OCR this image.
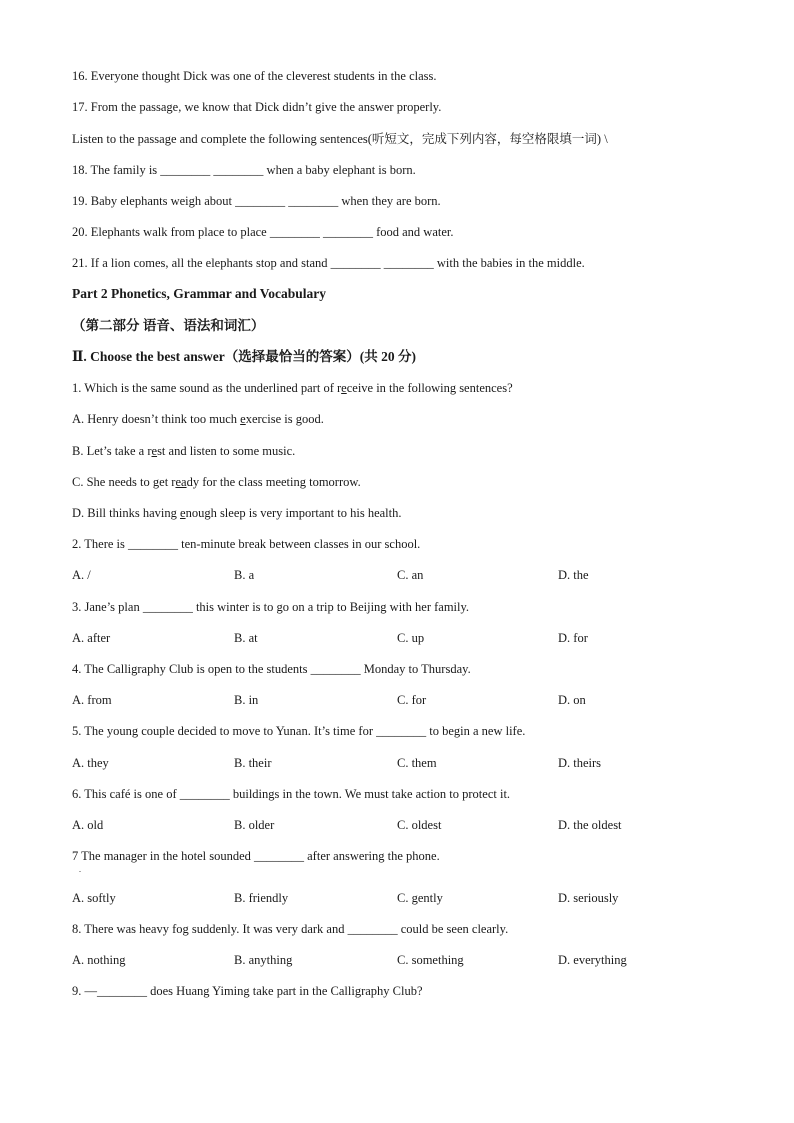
16. Everyone thought Dick was one of the cleverest students in the class.
17. From the passage, we know that Dick didn’t give the answer properly.
Listen to the passage and complete the following sentences(听短文，完成下列内容，每空格限填一词) \
18. The family is ________ ________ when a baby elephant is born.
19. Baby elephants weigh about ________ ________ when they are born.
20. Elephants walk from place to place ________ ________ food and water.
21. If a lion comes, all the elephants stop and stand ________ ________ with the babies in the middle.
Part 2 Phonetics, Grammar and Vocabulary
（第二部分 语音、语法和词汇）
Ⅱ. Choose the best answer（选择最恰当的答案）(共 20 分)
1. Which is the same sound as the underlined part of receive in the following sentences?
A. Henry doesn’t think too much exercise is good.
B. Let’s take a rest and listen to some music.
C. She needs to get ready for the class meeting tomorrow.
D. Bill thinks having enough sleep is very important to his health.
2. There is ________ ten-minute break between classes in our school.
A. /	B. a	C. an	D. the
3. Jane’s plan ________ this winter is to go on a trip to Beijing with her family.
A. after	B. at	C. up	D. for
4. The Calligraphy Club is open to the students ________ Monday to Thursday.
A. from	B. in	C. for	D. on
5. The young couple decided to move to Yunan. It’s time for ________ to begin a new life.
A. they	B. their	C. them	D. theirs
6. This café is one of ________ buildings in the town. We must take action to protect it.
A. old	B. older	C. oldest	D. the oldest
7 The manager in the hotel sounded ________ after answering the phone.
.
A. softly	B. friendly	C. gently	D. seriously
8. There was heavy fog suddenly. It was very dark and ________ could be seen clearly.
A. nothing	B. anything	C. something	D. everything
9. —________ does Huang Yiming take part in the Calligraphy Club?
